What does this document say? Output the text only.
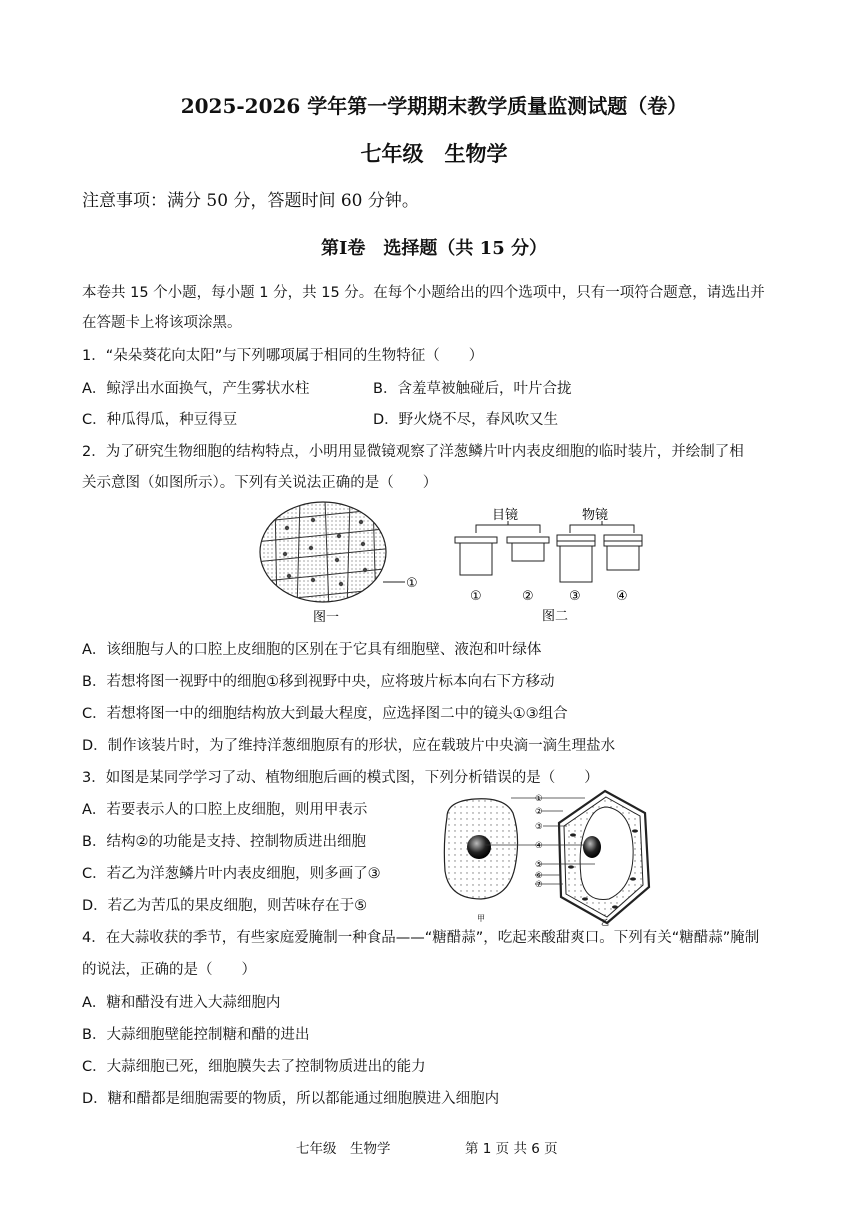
2025-2026 学年第一学期期末教学质量监测试题（卷）
七年级　生物学
注意事项：满分 50 分，答题时间 60 分钟。
第Ⅰ卷　选择题（共 15 分）
本卷共 15 个小题，每小题 1 分，共 15 分。在每个小题给出的四个选项中，只有一项符合题意，请选出并
在答题卡上将该项涂黑。
1．“朵朵葵花向太阳”与下列哪项属于相同的生物特征（　　）
A．鲸浮出水面换气，产生雾状水柱	B．含羞草被触碰后，叶片合拢
C．种瓜得瓜，种豆得豆	D．野火烧不尽，春风吹又生
2．为了研究生物细胞的结构特点，小明用显微镜观察了洋葱鳞片叶内表皮细胞的临时装片，并绘制了相
关示意图（如图所示）。下列有关说法正确的是（　　）
①
图一
目镜	物镜
①	②	③	④
图二
A．该细胞与人的口腔上皮细胞的区别在于它具有细胞壁、液泡和叶绿体
B．若想将图一视野中的细胞①移到视野中央，应将玻片标本向右下方移动
C．若想将图一中的细胞结构放大到最大程度，应选择图二中的镜头①③组合
D．制作该装片时，为了维持洋葱细胞原有的形状，应在载玻片中央滴一滴生理盐水
3．如图是某同学学习了动、植物细胞后画的模式图，下列分析错误的是（　　）
A．若要表示人的口腔上皮细胞，则用甲表示
B．结构②的功能是支持、控制物质进出细胞
C．若乙为洋葱鳞片叶内表皮细胞，则多画了③
D．若乙为苦瓜的果皮细胞，则苦味存在于⑤
甲
①
②
③
④
⑤
⑥
⑦
乙
4．在大蒜收获的季节，有些家庭爱腌制一种食品——“糖醋蒜”，吃起来酸甜爽口。下列有关“糖醋蒜”腌制
的说法，正确的是（　　）
A．糖和醋没有进入大蒜细胞内
B．大蒜细胞壁能控制糖和醋的进出
C．大蒜细胞已死，细胞膜失去了控制物质进出的能力
D．糖和醋都是细胞需要的物质，所以都能通过细胞膜进入细胞内
七年级　生物学	第 1 页 共 6 页
